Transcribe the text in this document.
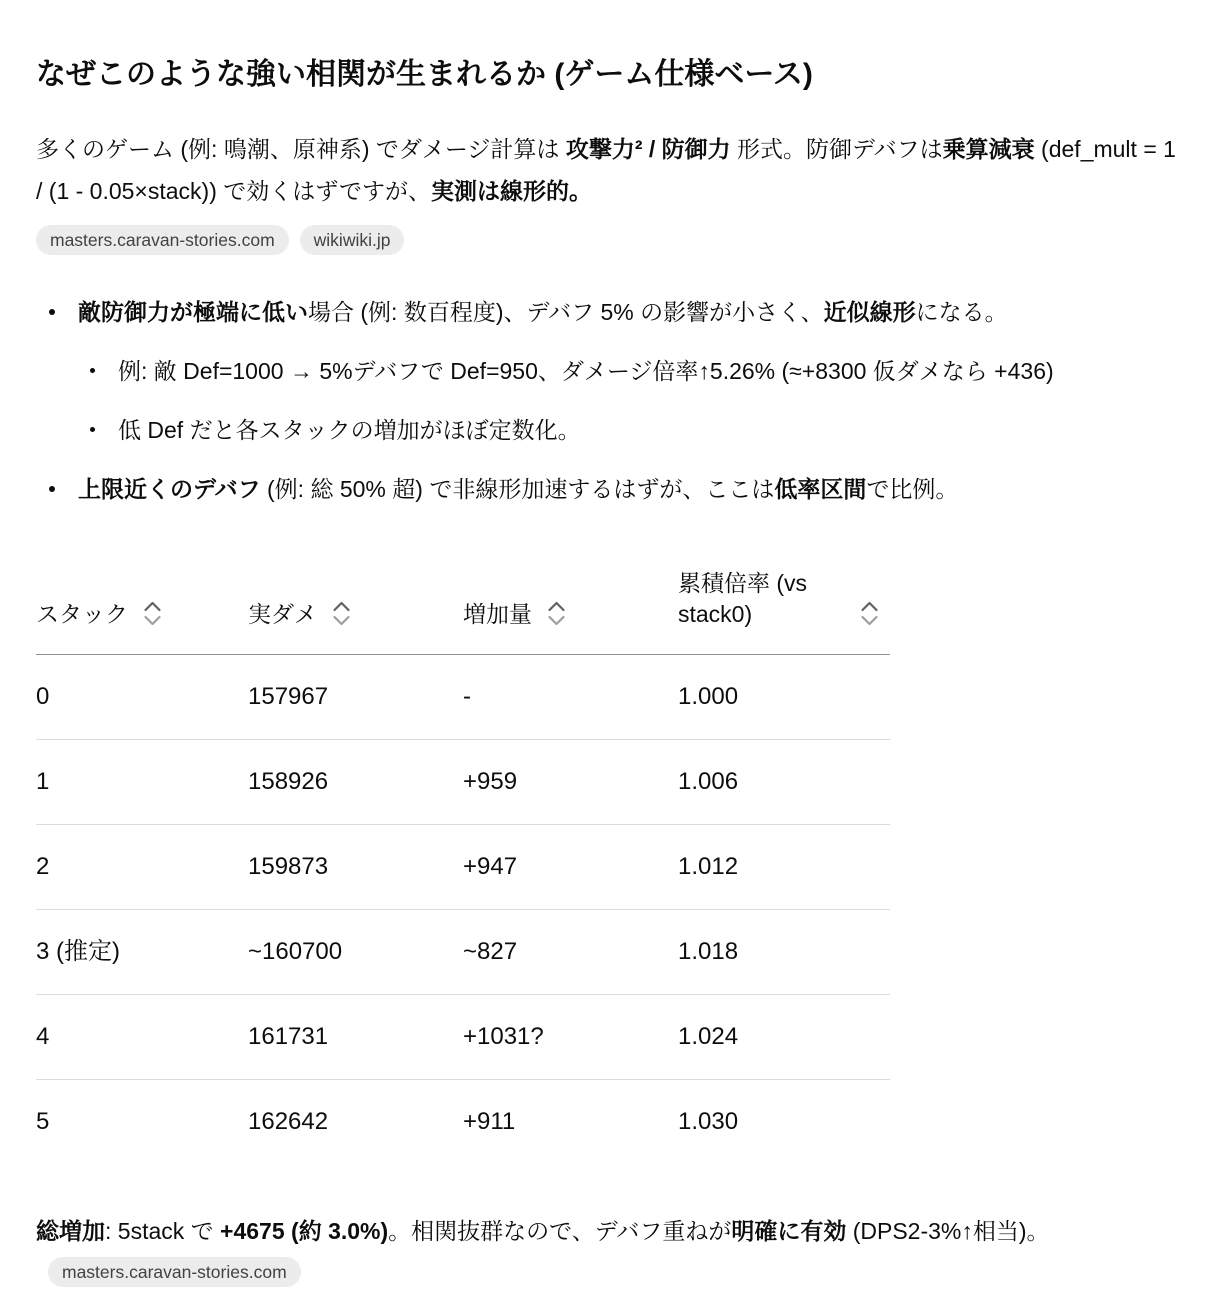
なぜこのような強い相関が生まれるか (ゲーム仕様ベース)

多くのゲーム (例: 鳴潮、原神系) でダメージ計算は 攻撃力² / 防御力 形式。防御デバフは乗算減衰 (def_mult = 1 / (1 - 0.05×stack)) で効くはずですが、実測は線形的。

masters.caravan-stories.com	wikiwiki.jp
敵防御力が極端に低い場合 (例: 数百程度)、デバフ 5% の影響が小さく、近似線形になる。
例: 敵 Def=1000 → 5%デバフで Def=950、ダメージ倍率↑5.26% (≈+8300 仮ダメなら +436)
低 Def だと各スタックの増加がほぼ定数化。
上限近くのデバフ (例: 総 50% 超) で非線形加速するはずが、ここは低率区間で比例。
スタック	実ダメ	増加量	累積倍率 (vs stack0)

0	157967	-	1.000
1	158926	+959	1.006
2	159873	+947	1.012
3 (推定)	~160700	~827	1.018
4	161731	+1031?	1.024
5	162642	+911	1.030

総増加: 5stack で +4675 (約 3.0%)。相関抜群なので、デバフ重ねが明確に有効 (DPS2-3%↑相当)。masters.caravan-stories.com
